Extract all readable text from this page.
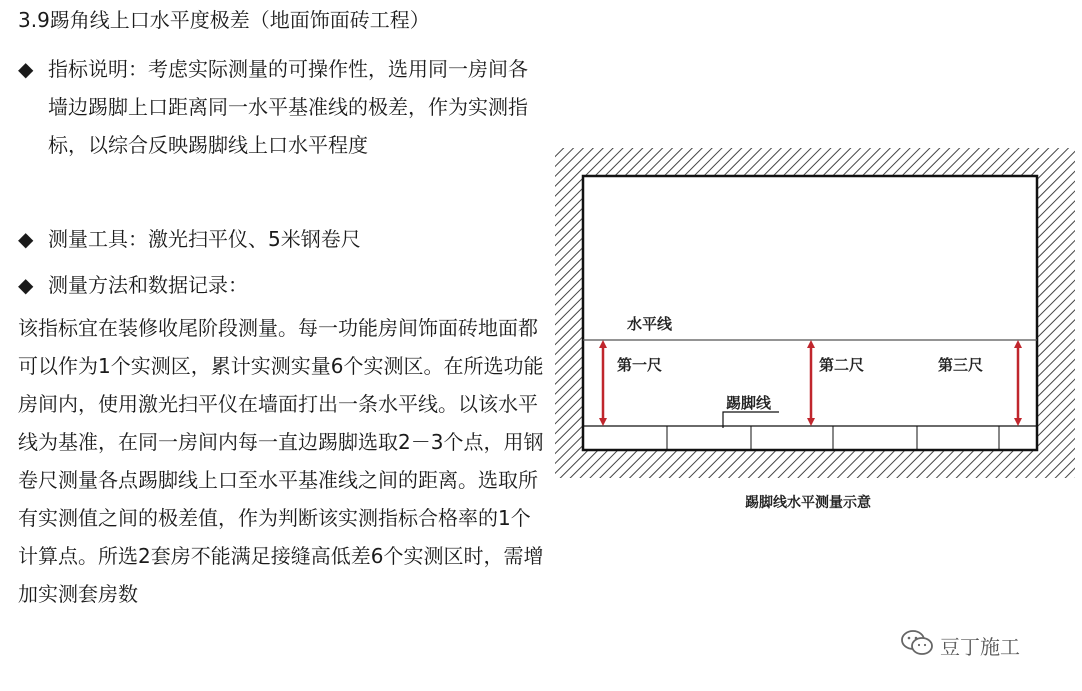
3.9踢角线上口水平度极差（地面饰面砖工程）
◆ 指标说明：考虑实际测量的可操作性，选用同一房间各墙边踢脚上口距离同一水平基准线的极差，作为实测指标，以综合反映踢脚线上口水平程度
◆ 测量工具：激光扫平仪、5米钢卷尺
◆ 测量方法和数据记录：
该指标宜在装修收尾阶段测量。每一功能房间饰面砖地面都可以作为1个实测区，累计实测实量6个实测区。在所选功能房间内，使用激光扫平仪在墙面打出一条水平线。以该水平线为基准，在同一房间内每一直边踢脚选取2－3个点，用钢卷尺测量各点踢脚线上口至水平基准线之间的距离。选取所有实测值之间的极差值，作为判断该实测指标合格率的1个计算点。所选2套房不能满足接缝高低差6个实测区时，需增加实测套房数
水平线
第一尺	第二尺	第三尺
踢脚线
踢脚线水平测量示意
豆丁施工
